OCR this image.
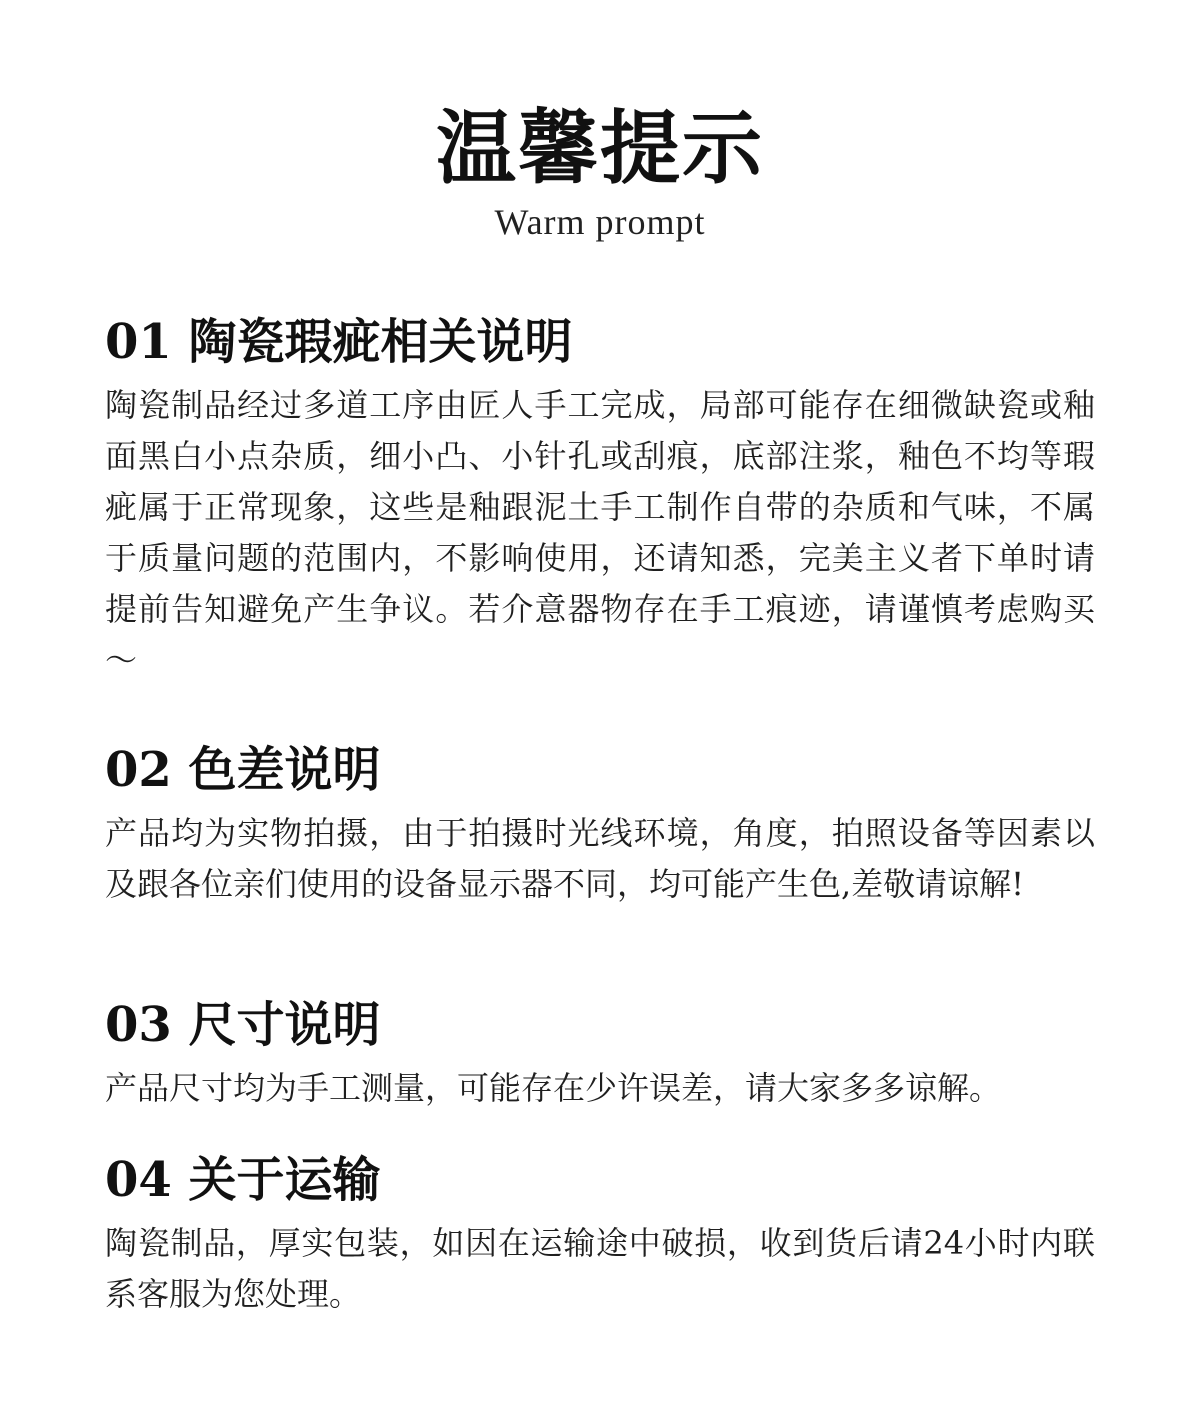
温馨提示
Warm prompt
01 陶瓷瑕疵相关说明
陶瓷制品经过多道工序由匠人手工完成，局部可能存在细微缺瓷或釉面黑白小点杂质，细小凸、小针孔或刮痕，底部注浆，釉色不均等瑕疵属于正常现象，这些是釉跟泥土手工制作自带的杂质和气味，不属于质量问题的范围内，不影响使用，还请知悉，完美主义者下单时请提前告知避免产生争议。若介意器物存在手工痕迹，请谨慎考虑购买～
02 色差说明
产品均为实物拍摄，由于拍摄时光线环境，角度，拍照设备等因素以及跟各位亲们使用的设备显示器不同，均可能产生色,差敬请谅解!
03 尺寸说明
产品尺寸均为手工测量，可能存在少许误差，请大家多多谅解。
04 关于运输
陶瓷制品，厚实包装，如因在运输途中破损，收到货后请24小时内联系客服为您处理。
